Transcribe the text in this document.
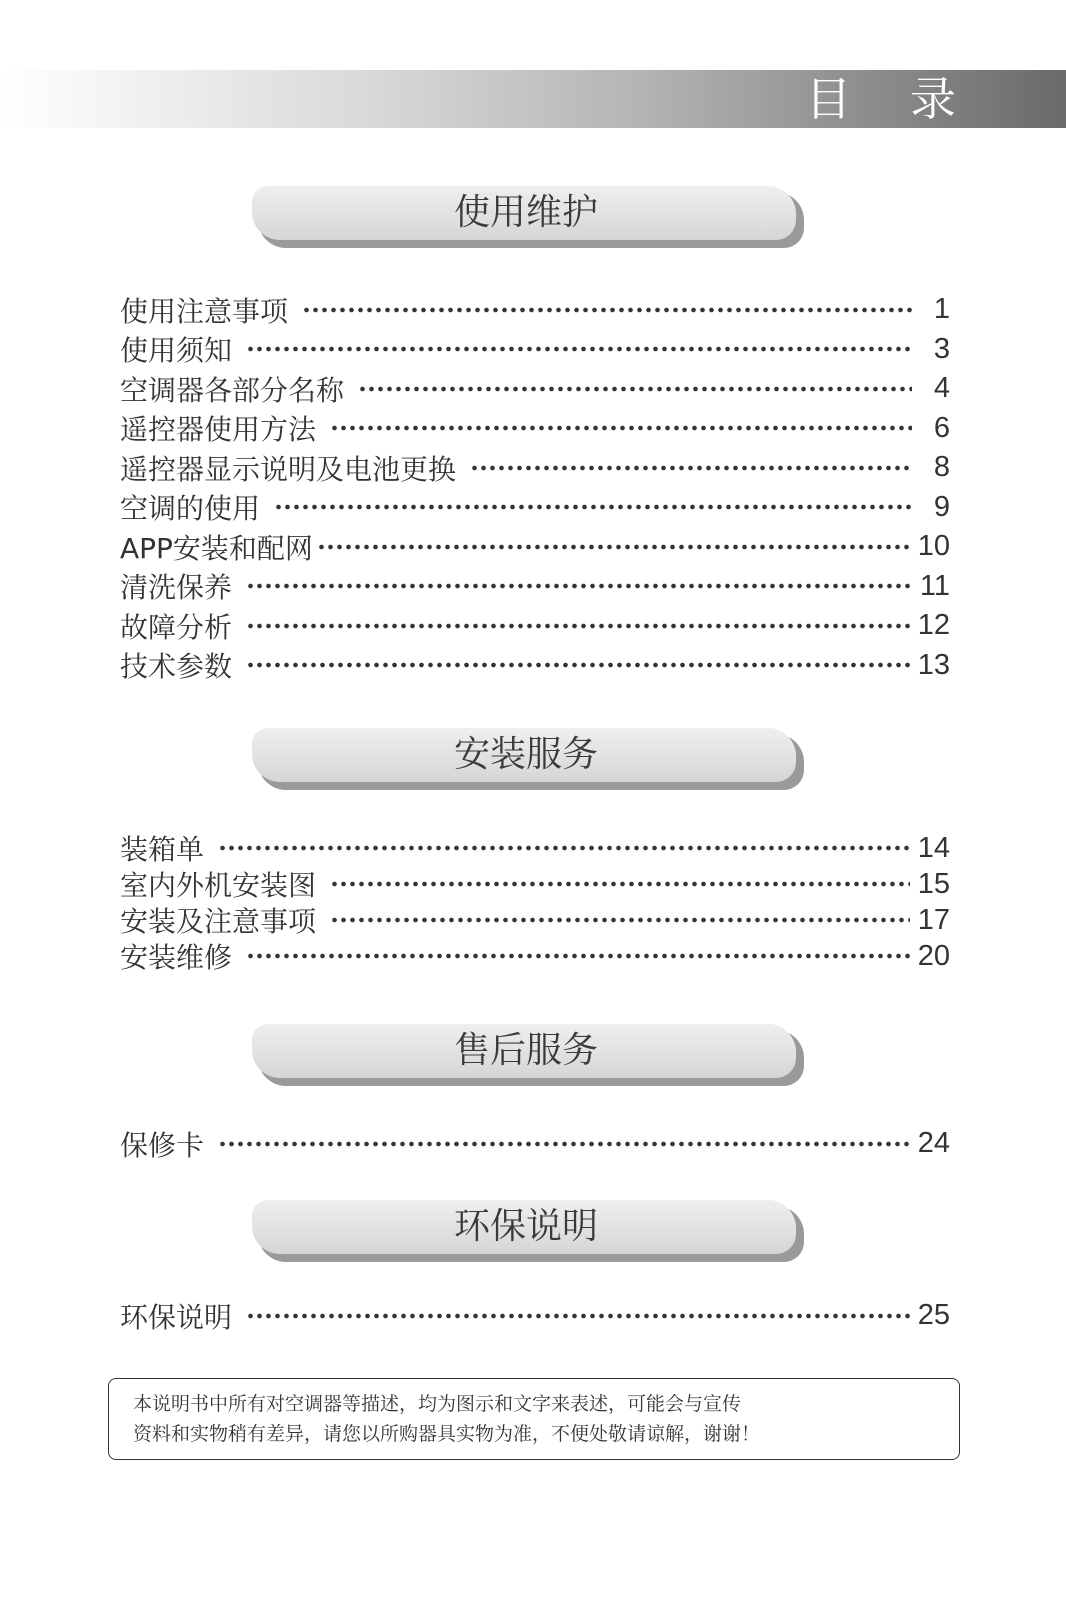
目 录
使用维护
使用注意事项	1
使用须知	3
空调器各部分名称	4
遥控器使用方法	6
遥控器显示说明及电池更换	8
空调的使用	9
APP安装和配网	10
清洗保养	11
故障分析	12
技术参数	13
安装服务
装箱单	14
室内外机安装图	15
安装及注意事项	17
安装维修	20
售后服务
保修卡	24
环保说明
环保说明	25
本说明书中所有对空调器等描述，均为图示和文字来表述，可能会与宣传
资料和实物稍有差异，请您以所购器具实物为准，不便处敬请谅解，谢谢！
